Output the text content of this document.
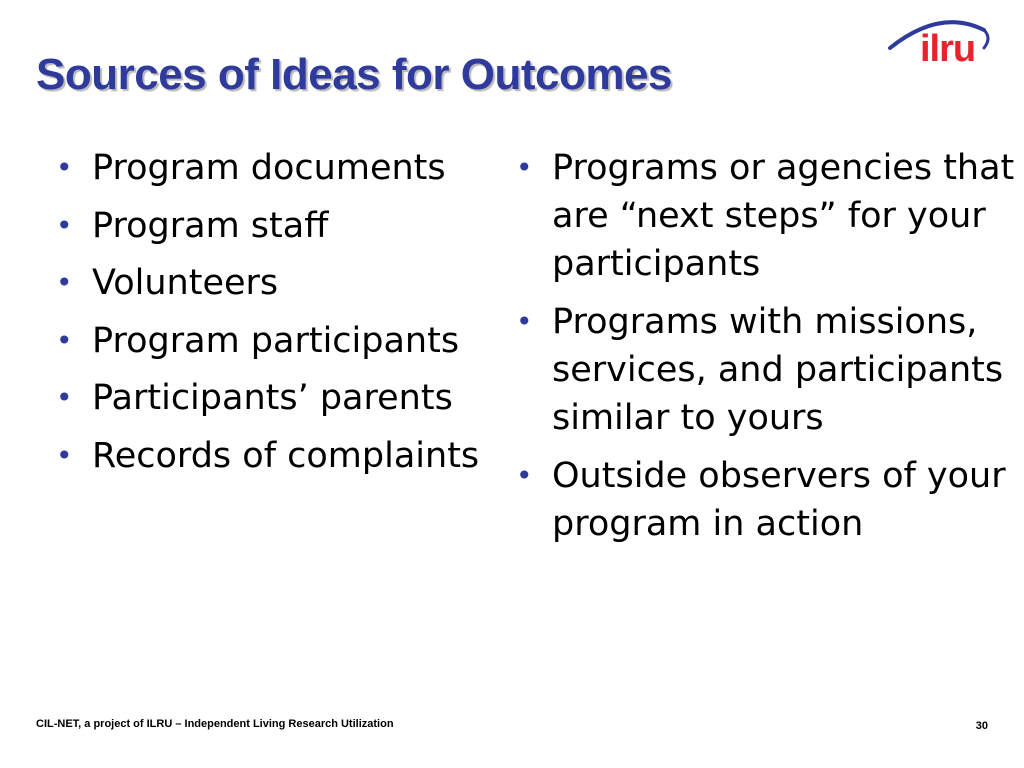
Sources of Ideas for Outcomes
ilru
• Program documents
• Program staff
• Volunteers
• Program participants
• Participants’ parents
• Records of complaints
• Programs or agencies that are “next steps” for your participants
• Programs with missions, services, and participants similar to yours
• Outside observers of your program in action
CIL-NET, a project of ILRU – Independent Living Research Utilization	30
